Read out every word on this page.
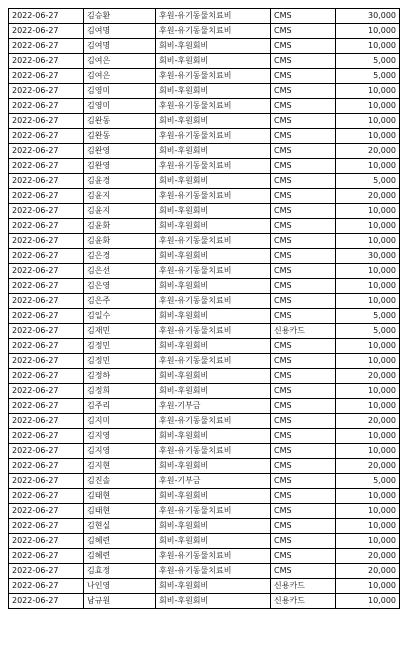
2022-06-27	김승환	후원-유기동물치료비	CMS	30,000
2022-06-27	김여명	후원-유기동물치료비	CMS	10,000
2022-06-27	김여명	회비-후원회비	CMS	10,000
2022-06-27	김여은	회비-후원회비	CMS	5,000
2022-06-27	김여은	후원-유기동물치료비	CMS	5,000
2022-06-27	김영미	회비-후원회비	CMS	10,000
2022-06-27	김영미	후원-유기동물치료비	CMS	10,000
2022-06-27	김완동	회비-후원회비	CMS	10,000
2022-06-27	김완동	후원-유기동물치료비	CMS	10,000
2022-06-27	김완영	회비-후원회비	CMS	20,000
2022-06-27	김완영	후원-유기동물치료비	CMS	10,000
2022-06-27	김윤경	회비-후원회비	CMS	5,000
2022-06-27	김윤지	후원-유기동물치료비	CMS	20,000
2022-06-27	김윤지	회비-후원회비	CMS	10,000
2022-06-27	김윤화	회비-후원회비	CMS	10,000
2022-06-27	김윤화	후원-유기동물치료비	CMS	10,000
2022-06-27	김은경	회비-후원회비	CMS	30,000
2022-06-27	김은선	후원-유기동물치료비	CMS	10,000
2022-06-27	김은영	회비-후원회비	CMS	10,000
2022-06-27	김은주	후원-유기동물치료비	CMS	10,000
2022-06-27	김일수	회비-후원회비	CMS	5,000
2022-06-27	김재민	후원-유기동물치료비	신용카드	5,000
2022-06-27	김정민	회비-후원회비	CMS	10,000
2022-06-27	김정민	후원-유기동물치료비	CMS	10,000
2022-06-27	김정하	회비-후원회비	CMS	20,000
2022-06-27	김정희	회비-후원회비	CMS	10,000
2022-06-27	김주리	후원-기부금	CMS	10,000
2022-06-27	김지미	후원-유기동물치료비	CMS	20,000
2022-06-27	김지영	회비-후원회비	CMS	10,000
2022-06-27	김지영	후원-유기동물치료비	CMS	10,000
2022-06-27	김지현	회비-후원회비	CMS	20,000
2022-06-27	김진솔	후원-기부금	CMS	5,000
2022-06-27	김태현	회비-후원회비	CMS	10,000
2022-06-27	김태현	후원-유기동물치료비	CMS	10,000
2022-06-27	김현실	회비-후원회비	CMS	10,000
2022-06-27	김혜련	회비-후원회비	CMS	10,000
2022-06-27	김혜련	후원-유기동물치료비	CMS	20,000
2022-06-27	김효정	후원-유기동물치료비	CMS	20,000
2022-06-27	나인영	회비-후원회비	신용카드	10,000
2022-06-27	남규원	회비-후원회비	신용카드	10,000
